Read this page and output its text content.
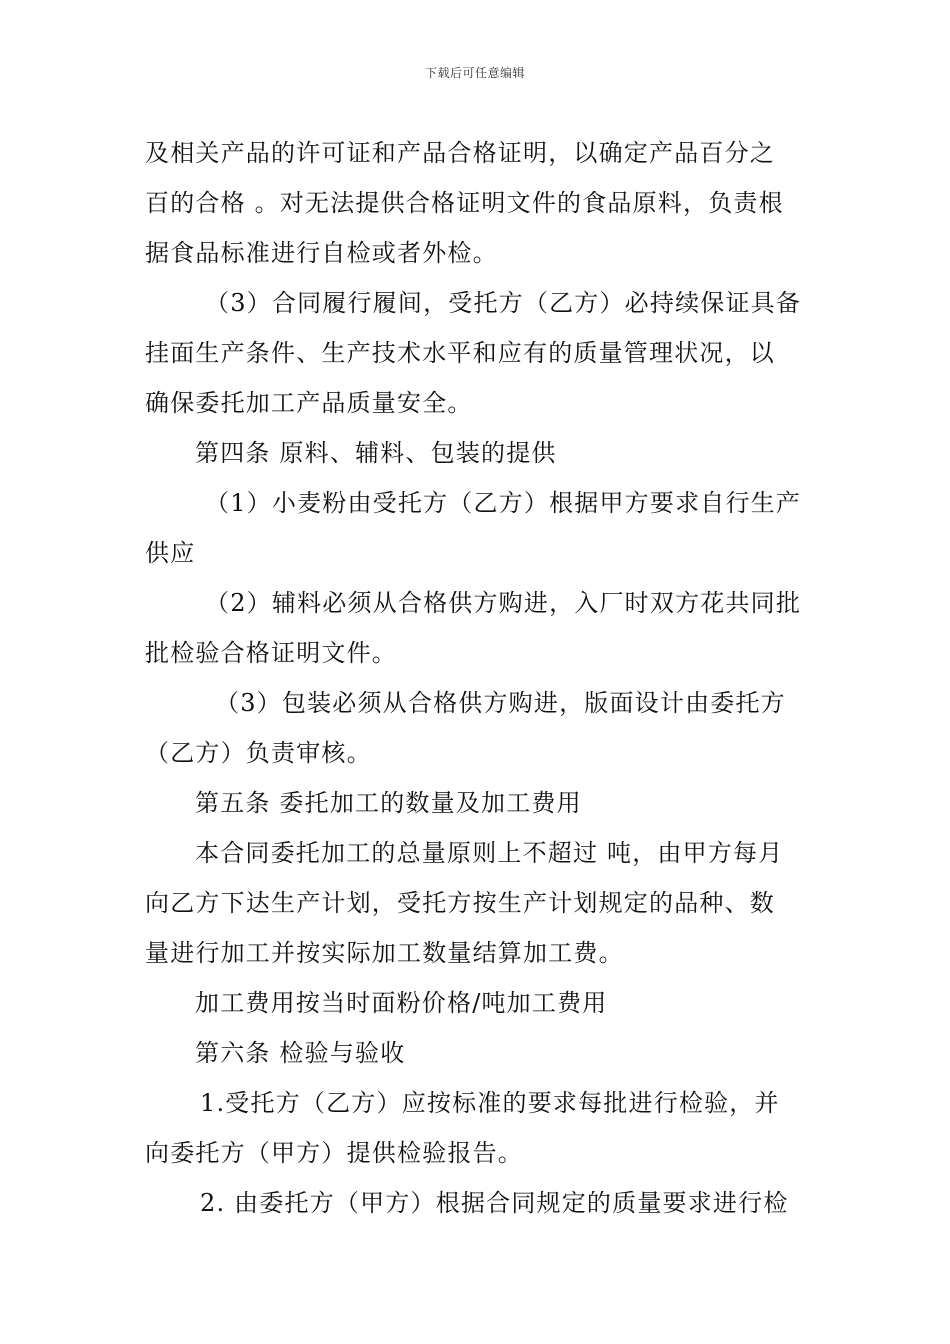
下载后可任意编辑
及相关产品的许可证和产品合格证明，以确定产品百分之
百的合格 。对无法提供合格证明文件的食品原料，负责根
据食品标准进行自检或者外检。
（3）合同履行履间，受托方（乙方）必持续保证具备
挂面生产条件、生产技术水平和应有的质量管理状况，以
确保委托加工产品质量安全。
第四条 原料、辅料、包装的提供
（1）小麦粉由受托方（乙方）根据甲方要求自行生产
供应
（2）辅料必须从合格供方购进，入厂时双方花共同批
批检验合格证明文件。
（3）包装必须从合格供方购进，版面设计由委托方
（乙方）负责审核。
第五条 委托加工的数量及加工费用
本合同委托加工的总量原则上不超过 吨，由甲方每月
向乙方下达生产计划，受托方按生产计划规定的品种、数
量进行加工并按实际加工数量结算加工费。
加工费用按当时面粉价格/吨加工费用
第六条 检验与验收
1.受托方（乙方）应按标准的要求每批进行检验，并
向委托方（甲方）提供检验报告。
2. 由委托方（甲方）根据合同规定的质量要求进行检
